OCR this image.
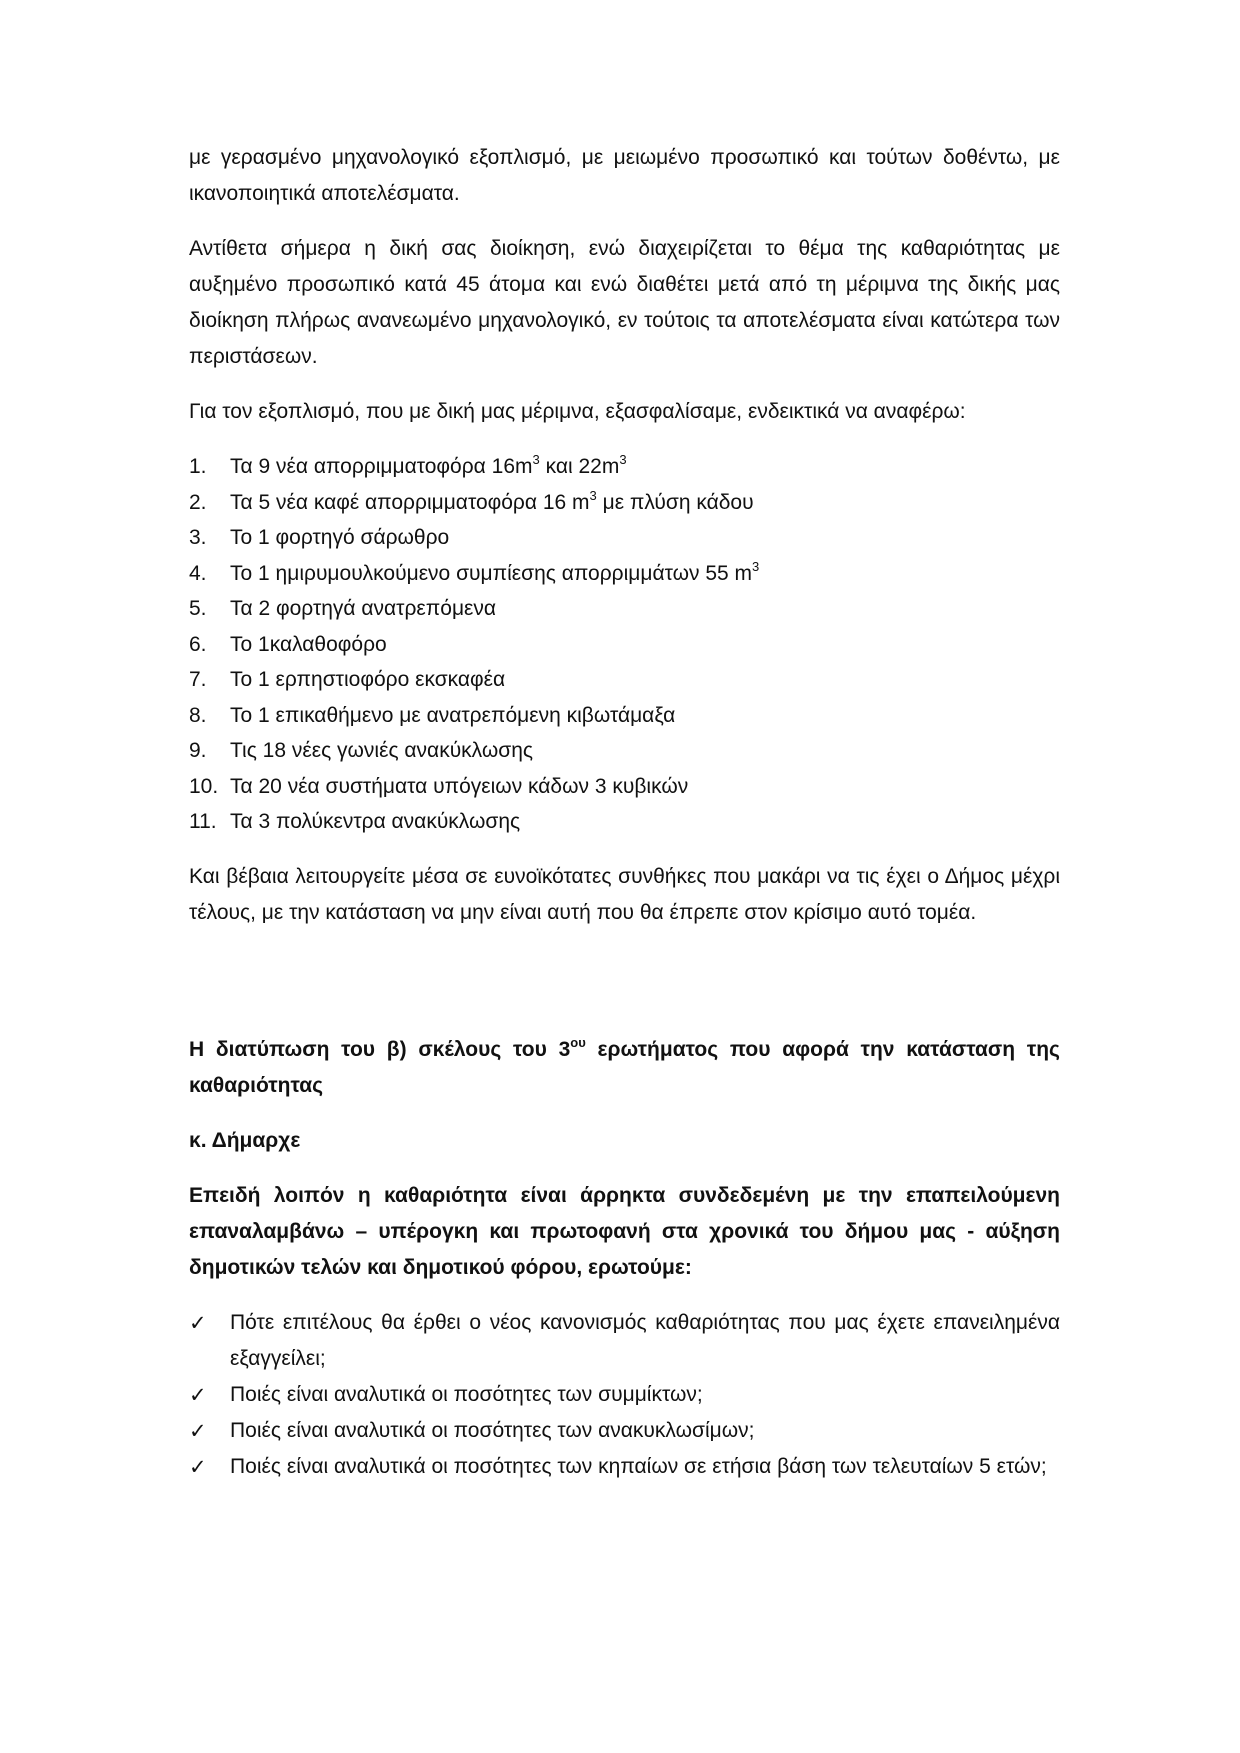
με γερασμένο μηχανολογικό εξοπλισμό, με μειωμένο προσωπικό και τούτων δοθέντω, με ικανοποιητικά αποτελέσματα.

Αντίθετα σήμερα η δική σας διοίκηση, ενώ διαχειρίζεται το θέμα της καθαριότητας με αυξημένο προσωπικό κατά 45 άτομα και ενώ διαθέτει μετά από τη μέριμνα της δικής μας διοίκηση πλήρως ανανεωμένο μηχανολογικό, εν τούτοις τα αποτελέσματα είναι κατώτερα των περιστάσεων.

Για τον εξοπλισμό, που με δική μας μέριμνα, εξασφαλίσαμε, ενδεικτικά να αναφέρω:

1.	Τα 9 νέα απορριμματοφόρα $16m^3$ και $22m^3$
2.	Τα 5 νέα καφέ απορριμματοφόρα 16 $m^3$ με πλύση κάδου
3.	Το 1 φορτηγό σάρωθρο
4.	Το 1 ημιρυμουλκούμενο συμπίεσης απορριμμάτων 55 $m^3$
5.	Τα 2 φορτηγά ανατρεπόμενα
6.	Το 1καλαθοφόρο
7.	Το 1 ερπηστιοφόρο εκσκαφέα
8.	Το 1 επικαθήμενο με ανατρεπόμενη κιβωτάμαξα
9.	Τις 18 νέες γωνιές ανακύκλωσης
10. Τα 20 νέα συστήματα υπόγειων κάδων 3 κυβικών
11. Τα 3 πολύκεντρα ανακύκλωσης

Και βέβαια λειτουργείτε μέσα σε ευνοϊκότατες συνθήκες που μακάρι να τις έχει ο Δήμος μέχρι τέλους, με την κατάσταση να μην είναι αυτή που θα έπρεπε στον κρίσιμο αυτό τομέα.

Η διατύπωση του β) σκέλους του $3^{o\upsilon}$ ερωτήματος που αφορά την κατάσταση της καθαριότητας

κ. Δήμαρχε

Επειδή λοιπόν η καθαριότητα είναι άρρηκτα συνδεδεμένη με την επαπειλούμενη επαναλαμβάνω – υπέρογκη και πρωτοφανή στα χρονικά του δήμου μας - αύξηση δημοτικών τελών και δημοτικού φόρου, ερωτούμε:

✓	Πότε επιτέλους θα έρθει ο νέος κανονισμός καθαριότητας που μας έχετε επανειλημένα εξαγγείλει;
✓	Ποιές είναι αναλυτικά οι ποσότητες των συμμίκτων;
✓	Ποιές είναι αναλυτικά οι ποσότητες των ανακυκλωσίμων;
✓	Ποιές είναι αναλυτικά οι ποσότητες των κηπαίων σε ετήσια βάση των τελευταίων 5 ετών;
